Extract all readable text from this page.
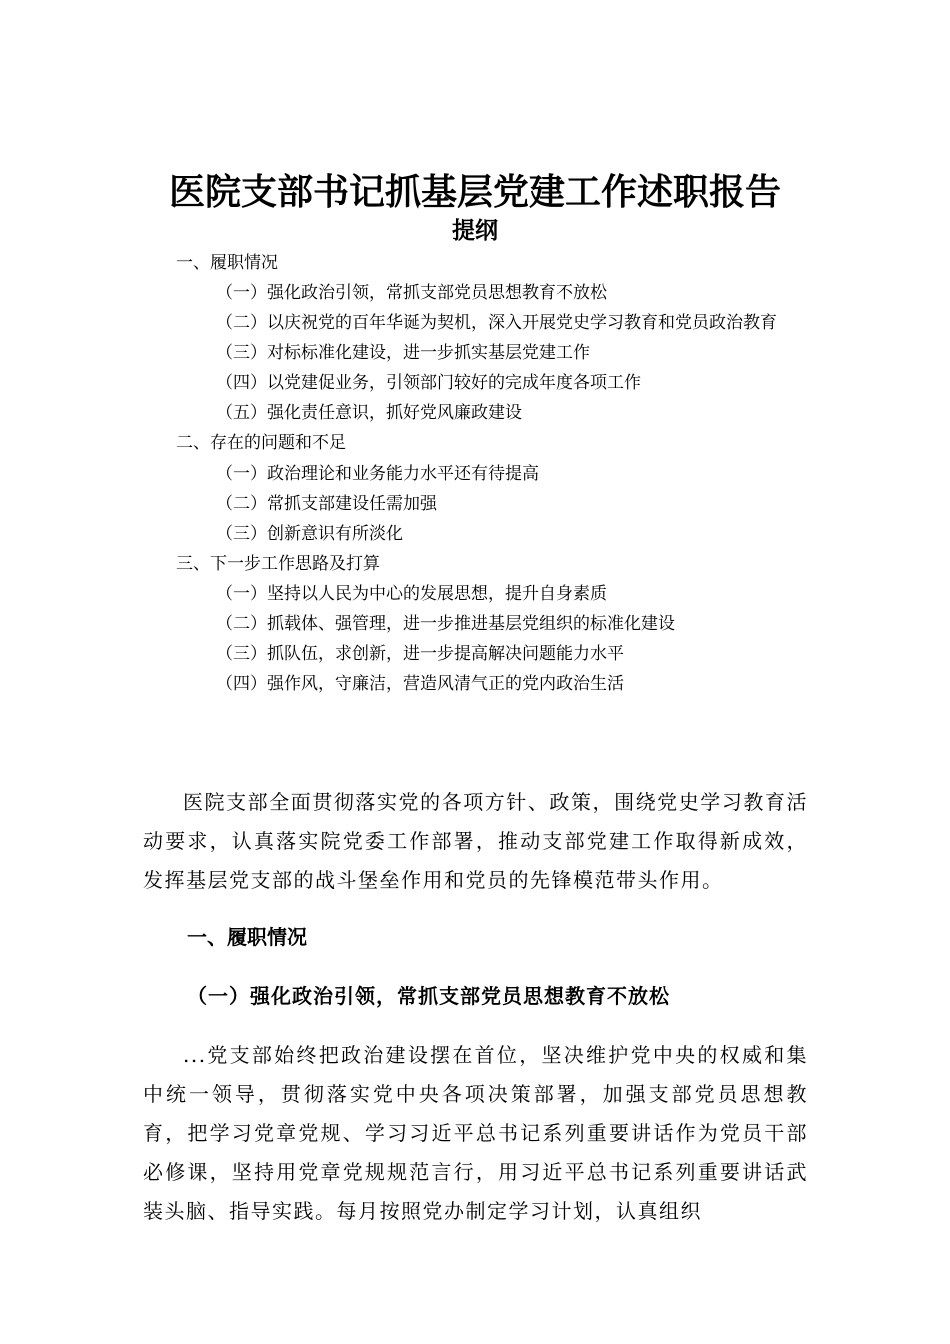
医院支部书记抓基层党建工作述职报告
提纲
一、履职情况
（一）强化政治引领，常抓支部党员思想教育不放松
（二）以庆祝党的百年华诞为契机，深入开展党史学习教育和党员政治教育
（三）对标标准化建设，进一步抓实基层党建工作
（四）以党建促业务，引领部门较好的完成年度各项工作
（五）强化责任意识，抓好党风廉政建设
二、存在的问题和不足
（一）政治理论和业务能力水平还有待提高
（二）常抓支部建设任需加强
（三）创新意识有所淡化
三、下一步工作思路及打算
（一）坚持以人民为中心的发展思想，提升自身素质
（二）抓载体、强管理，进一步推进基层党组织的标准化建设
（三）抓队伍，求创新，进一步提高解决问题能力水平
（四）强作风，守廉洁，营造风清气正的党内政治生活
医院支部全面贯彻落实党的各项方针、政策，围绕党史学习教育活动要求，认真落实院党委工作部署，推动支部党建工作取得新成效，发挥基层党支部的战斗堡垒作用和党员的先锋模范带头作用。
一、履职情况
（一）强化政治引领，常抓支部党员思想教育不放松
...党支部始终把政治建设摆在首位，坚决维护党中央的权威和集中统一领导，贯彻落实党中央各项决策部署，加强支部党员思想教育，把学习党章党规、学习习近平总书记系列重要讲话作为党员干部必修课，坚持用党章党规规范言行，用习近平总书记系列重要讲话武装头脑、指导实践。每月按照党办制定学习计划，认真组织
